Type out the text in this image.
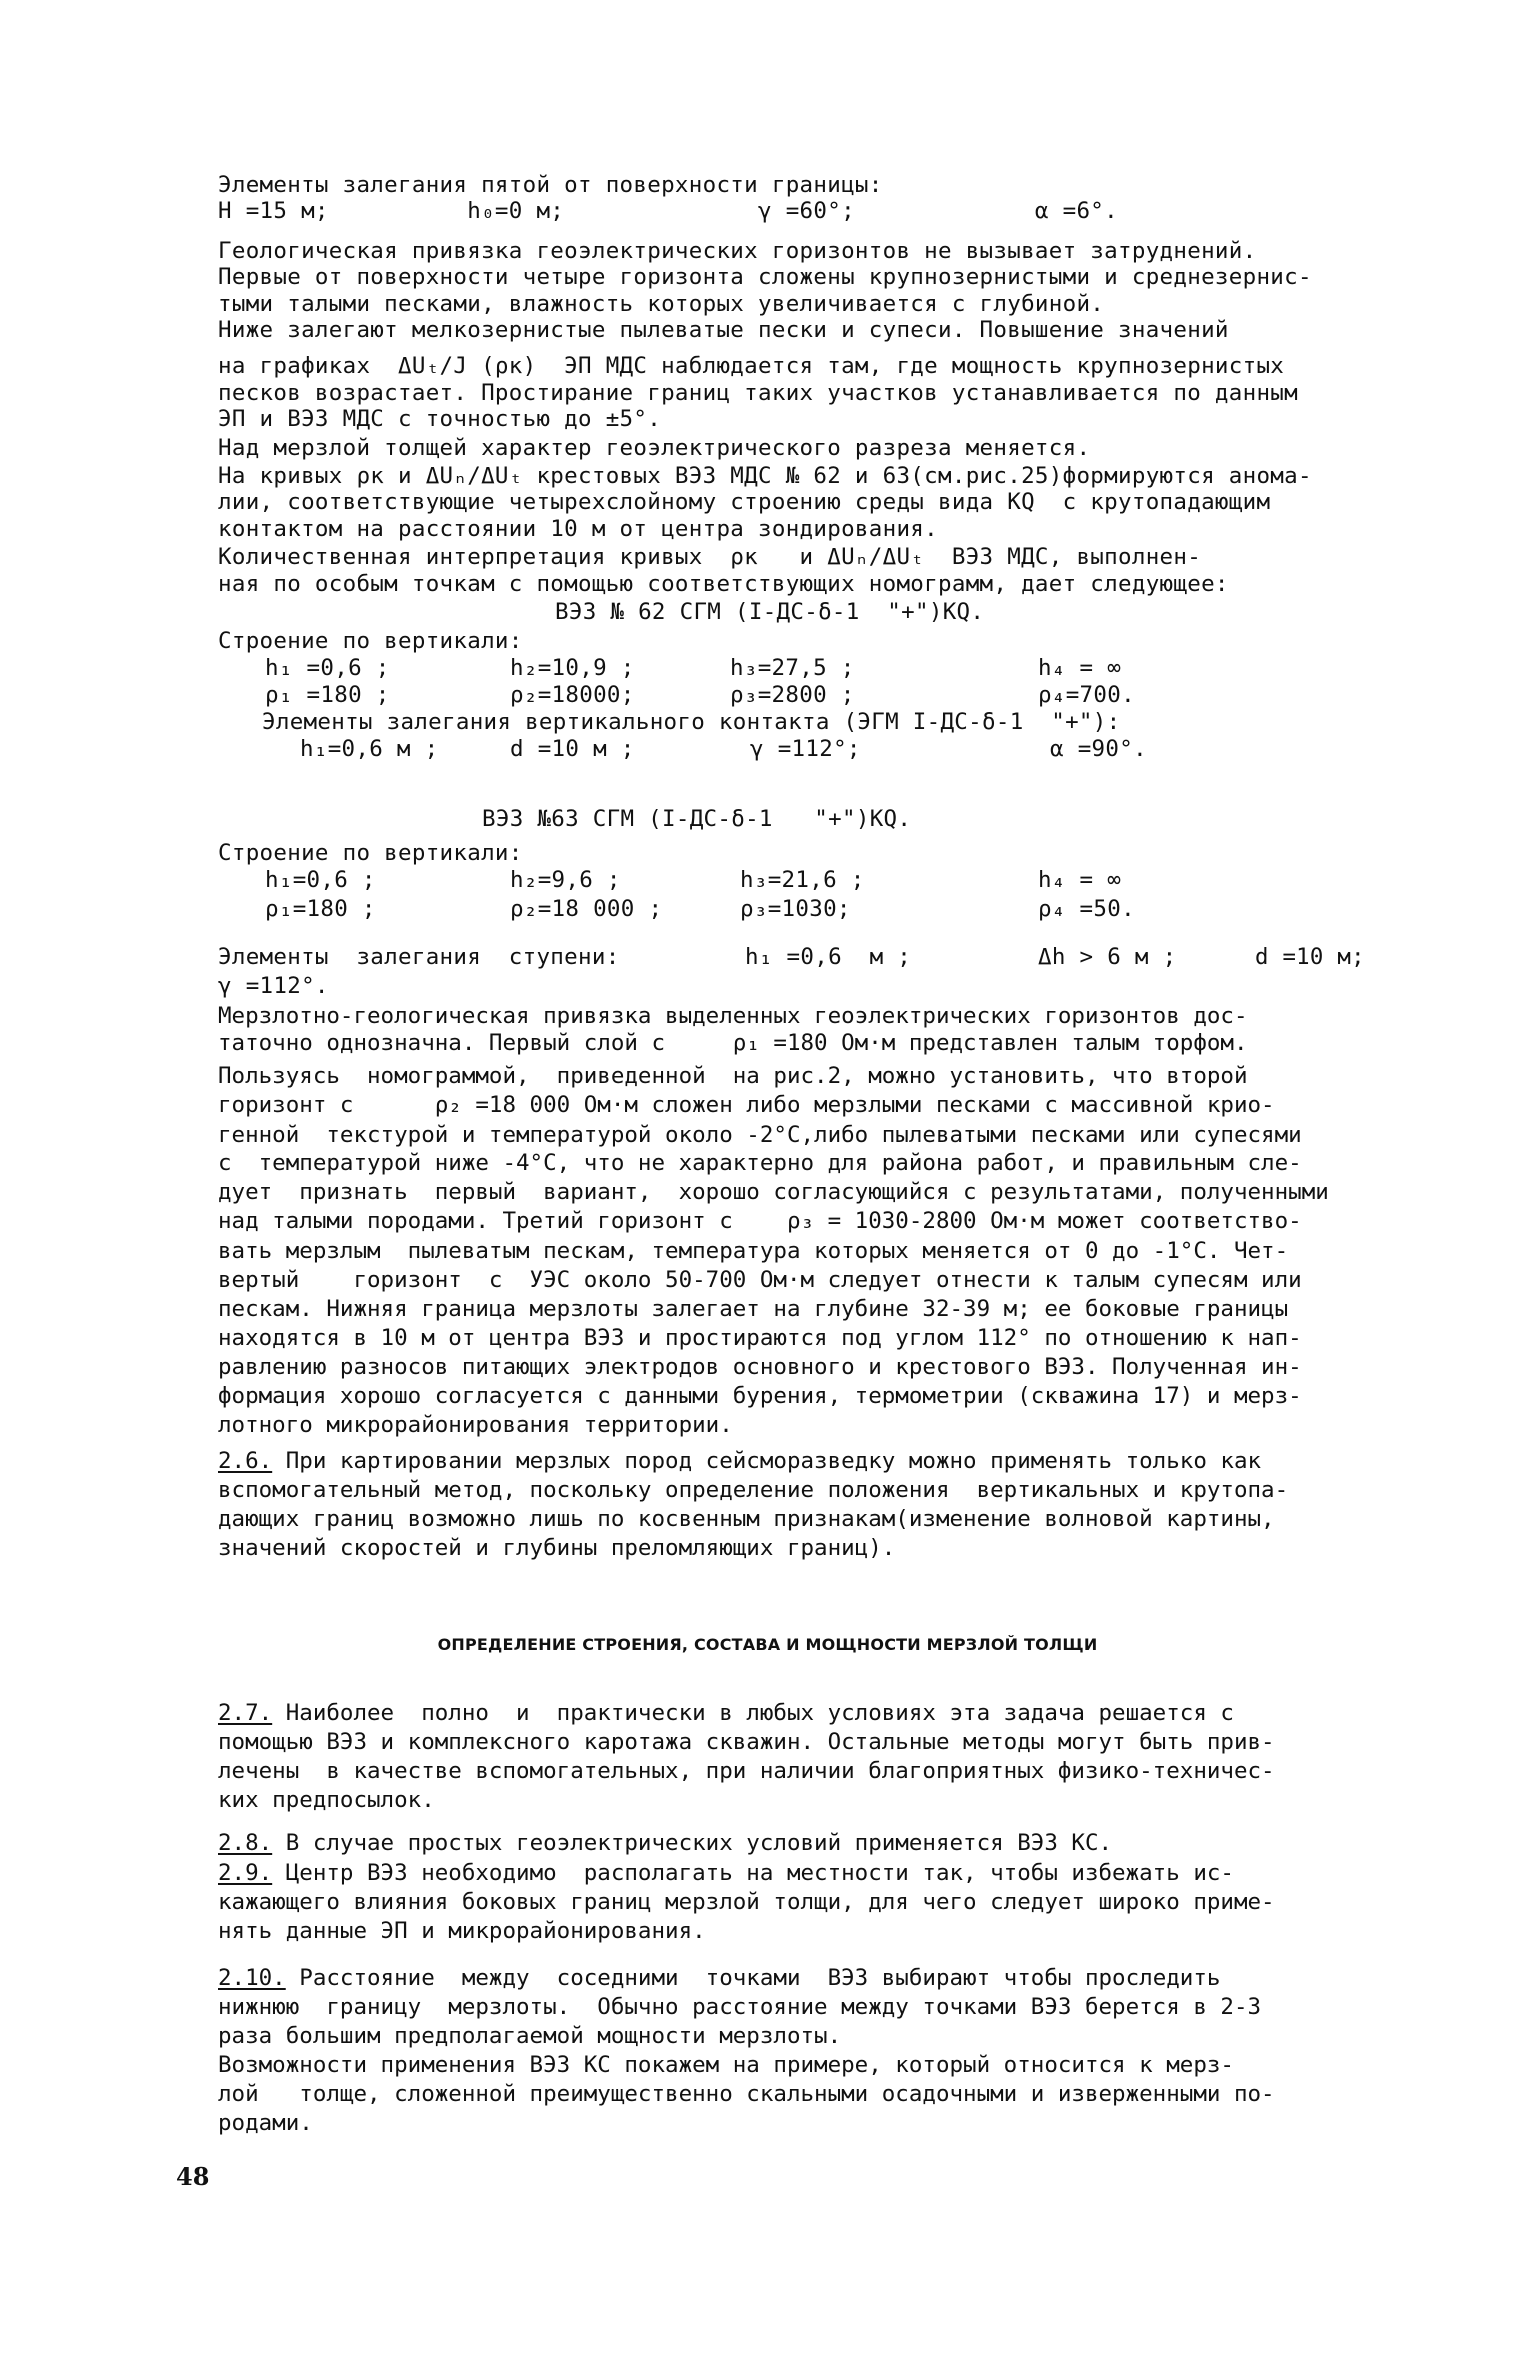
Элементы залегания пятой от поверхности границы:
H =15 м;          h₀=0 м;              γ =60°;             α =6°.
Геологическая привязка геоэлектрических горизонтов не вызывает затруднений.
Первые от поверхности четыре горизонта сложены крупнозернистыми и среднезернис-
тыми талыми песками, влажность которых увеличивается с глубиной.
Ниже залегают мелкозернистые пылеватые пески и супеси. Повышение значений
на графиках  ΔUₜ/J (ρκ)  ЭП МДС наблюдается там, где мощность крупнозернистых
песков возрастает. Простирание границ таких участков устанавливается по данным
ЭП и ВЭЗ МДС с точностью до ±5°.
Над мерзлой толщей характер геоэлектрического разреза меняется.
На кривых ρκ и ΔUₙ/ΔUₜ крестовых ВЭЗ МДС № 62 и 63(см.рис.25)формируются анома-
лии, соответствующие четырехслойному строению среды вида KQ  с крутопадающим
контактом на расстоянии 10 м от центра зондирования.
Количественная интерпретация кривых  ρκ   и ΔUₙ/ΔUₜ  ВЭЗ МДС, выполнен-
ная по особым точкам с помощью соответствующих номограмм, дает следующее:
ВЭЗ № 62 СГМ (I-ДС-δ-1  "+")KQ.
Строение по вертикали:
h₁ =0,6 ;	h₂=10,9 ;	h₃=27,5 ;	h₄ = ∞
ρ₁ =180 ;	ρ₂=18000;	ρ₃=2800 ;	ρ₄=700.
Элементы залегания вертикального контакта (ЭГМ I-ДС-δ-1  "+"):
h₁=0,6 м ;	d =10 м ;	γ =112°;	α =90°.
ВЭЗ №63 СГМ (I-ДС-δ-1   "+")KQ.
Строение по вертикали:
h₁=0,6 ;	h₂=9,6 ;	h₃=21,6 ;	h₄ = ∞
ρ₁=180 ;	ρ₂=18 000 ;	ρ₃=1030;	ρ₄ =50.
Элементы  залегания  ступени:	h₁ =0,6  м ;	Δh > 6 м ;	d =10 м;
γ =112°.
Мерзлотно-геологическая привязка выделенных геоэлектрических горизонтов дос-
таточно однозначна. Первый слой с     ρ₁ =180 Ом·м представлен талым торфом.
Пользуясь  номограммой,  приведенной  на рис.2, можно установить, что второй
горизонт с      ρ₂ =18 000 Ом·м сложен либо мерзлыми песками с массивной крио-
генной  текстурой и температурой около -2°С,либо пылеватыми песками или супесями
с  температурой ниже -4°С, что не характерно для района работ, и правильным сле-
дует  признать  первый  вариант,  хорошо согласующийся с результатами, полученными
над талыми породами. Третий горизонт с    ρ₃ = 1030-2800 Ом·м может соответство-
вать мерзлым  пылеватым пескам, температура которых меняется от 0 до -1°С. Чет-
вертый    горизонт  с  УЭС около 50-700 Ом·м следует отнести к талым супесям или
пескам. Нижняя граница мерзлоты залегает на глубине 32-39 м; ее боковые границы
находятся в 10 м от центра ВЭЗ и простираются под углом 112° по отношению к нап-
равлению разносов питающих электродов основного и крестового ВЭЗ. Полученная ин-
формация хорошо согласуется с данными бурения, термометрии (скважина 17) и мерз-
лотного микрорайонирования территории.
2.6. При картировании мерзлых пород сейсморазведку можно применять только как
вспомогательный метод, поскольку определение положения  вертикальных и крутопа-
дающих границ возможно лишь по косвенным признакам(изменение волновой картины,
значений скоростей и глубины преломляющих границ).
ОПРЕДЕЛЕНИЕ СТРОЕНИЯ, СОСТАВА И МОЩНОСТИ МЕРЗЛОЙ ТОЛЩИ
2.7. Наиболее  полно  и  практически в любых условиях эта задача решается с
помощью ВЭЗ и комплексного каротажа скважин. Остальные методы могут быть прив-
лечены  в качестве вспомогательных, при наличии благоприятных физико-техничес-
ких предпосылок.
2.8. В случае простых геоэлектрических условий применяется ВЭЗ КС.
2.9. Центр ВЭЗ необходимо  располагать на местности так, чтобы избежать ис-
кажающего влияния боковых границ мерзлой толщи, для чего следует широко приме-
нять данные ЭП и микрорайонирования.
2.10. Расстояние  между  соседними  точками  ВЭЗ выбирают чтобы проследить
нижнюю  границу  мерзлоты.  Обычно расстояние между точками ВЭЗ берется в 2-3
раза большим предполагаемой мощности мерзлоты.
Возможности применения ВЭЗ КС покажем на примере, который относится к мерз-
лой   толще, сложенной преимущественно скальными осадочными и изверженными по-
родами.
48
